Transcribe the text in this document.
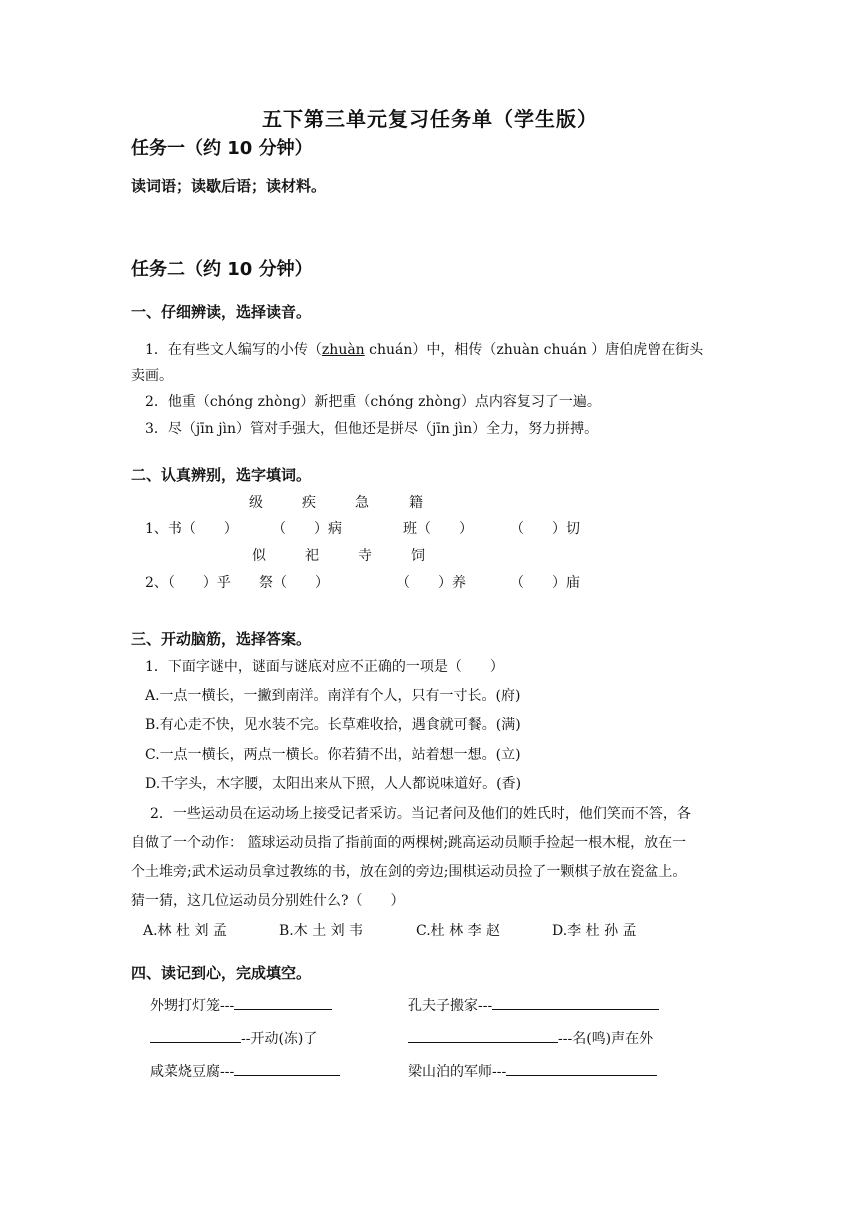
五下第三单元复习任务单（学生版）
任务一（约 10 分钟）
读词语；读歇后语；读材料。
任务二（约 10 分钟）
一、仔细辨读，选择读音。
1．在有些文人编写的小传（zhuàn chuán）中，相传（zhuàn chuán ）唐伯虎曾在街头
卖画。
2．他重（chóng zhòng）新把重（chóng zhòng）点内容复习了一遍。
3．尽（jīn jìn）管对手强大，但他还是拼尽（jīn jìn）全力，努力拼搏。
二、认真辨别，选字填词。
级	疾	急	籍
1、书（　　） （　　）病	班（　　）	（　　）切
似	祀	寺	饲
2、（　　）乎 祭（　　）	（　　）养	（　　）庙
三、开动脑筋，选择答案。
1．下面字谜中，谜面与谜底对应不正确的一项是（　　）
A.一点一横长，一撇到南洋。南洋有个人，只有一寸长。(府)
B.有心走不快，见水装不完。长草难收拾，遇食就可餐。(满)
C.一点一横长，两点一横长。你若猜不出，站着想一想。(立)
D.千字头，木字腰，太阳出来从下照，人人都说味道好。(香)
2．一些运动员在运动场上接受记者采访。当记者问及他们的姓氏时，他们笑而不答，各
自做了一个动作： 篮球运动员指了指前面的两棵树;跳高运动员顺手捡起一根木棍，放在一
个土堆旁;武术运动员拿过教练的书，放在剑的旁边;围棋运动员捡了一颗棋子放在瓷盆上。
猜一猜，这几位运动员分别姓什么?（　　）
A.林 杜 刘 孟	B.木 土 刘 韦	C.杜 林 李 赵	D.李 杜 孙 孟
四、读记到心，完成填空。
外甥打灯笼---	孔夫子搬家---
--开动(冻)了	---名(鸣)声在外
咸菜烧豆腐---	梁山泊的军师---
